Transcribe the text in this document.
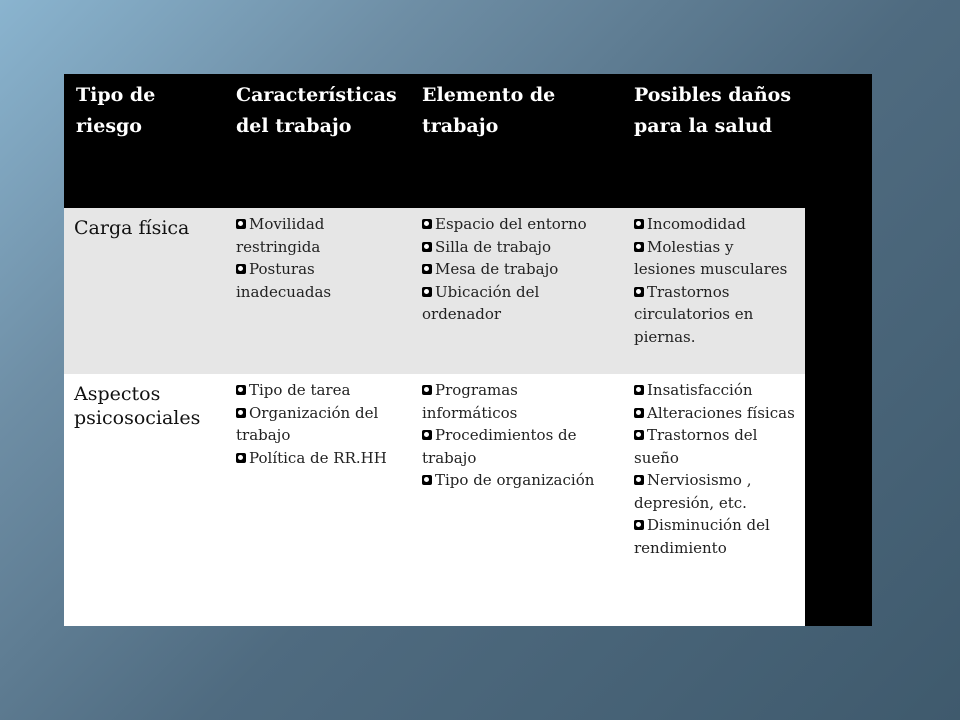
Tipo de riesgo
Características del trabajo
Elemento de trabajo
Posibles daños para la salud
Carga física	Movilidad restringida
Posturas inadecuadas
Espacio del entorno
Silla de trabajo
Mesa de trabajo
Ubicación del ordenador
Incomodidad
Molestias y lesiones musculares
Trastornos circulatorios en piernas.
Aspectos psicosociales
Tipo de tarea
Organización del trabajo
Política de RR.HH
Programas informáticos
Procedimientos de trabajo
Tipo de organización
Insatisfacción
Alteraciones físicas
Trastornos del sueño
Nerviosismo , depresión, etc.
Disminución del rendimiento
